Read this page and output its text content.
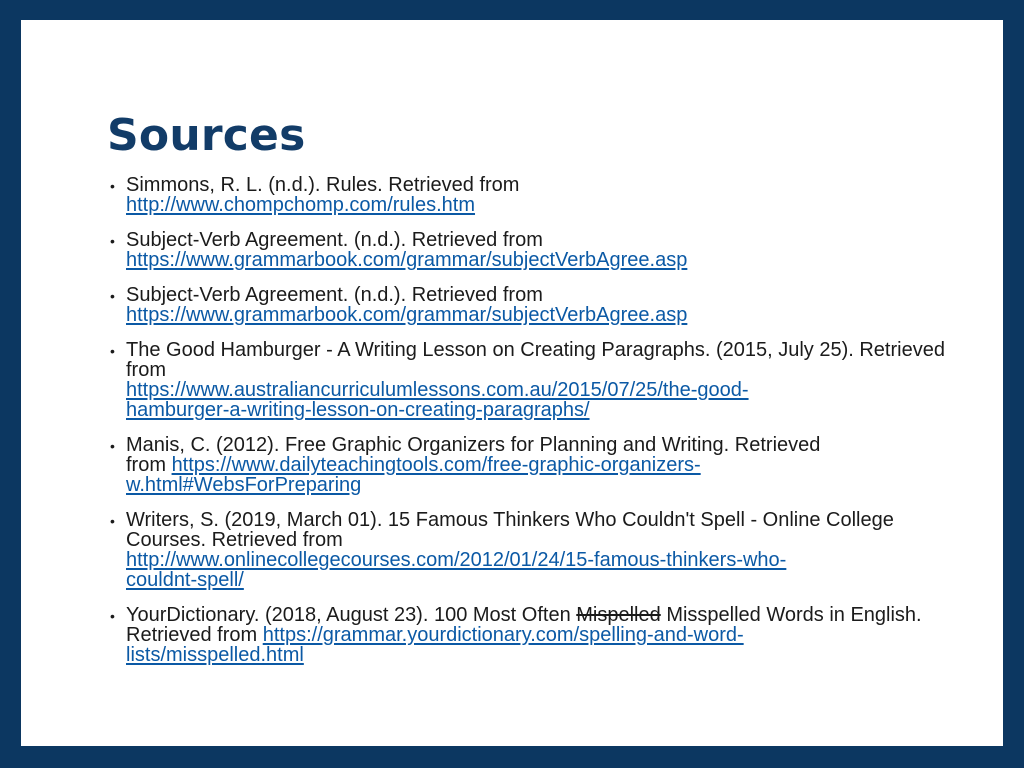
Sources
• Simmons, R. L. (n.d.). Rules. Retrieved from
http://www.chompchomp.com/rules.htm
• Subject-Verb Agreement. (n.d.). Retrieved from
https://www.grammarbook.com/grammar/subjectVerbAgree.asp
• Subject-Verb Agreement. (n.d.). Retrieved from
https://www.grammarbook.com/grammar/subjectVerbAgree.asp
• The Good Hamburger - A Writing Lesson on Creating Paragraphs. (2015, July 25). Retrieved from
https://www.australiancurriculumlessons.com.au/2015/07/25/the-good-
hamburger-a-writing-lesson-on-creating-paragraphs/
• Manis, C. (2012). Free Graphic Organizers for Planning and Writing. Retrieved
from https://www.dailyteachingtools.com/free-graphic-organizers-
w.html#WebsForPreparing
• Writers, S. (2019, March 01). 15 Famous Thinkers Who Couldn't Spell - Online College Courses. Retrieved from
http://www.onlinecollegecourses.com/2012/01/24/15-famous-thinkers-who-
couldnt-spell/
• YourDictionary. (2018, August 23). 100 Most Often Mispelled Misspelled Words in English. Retrieved from https://grammar.yourdictionary.com/spelling-and-word-
lists/misspelled.html
